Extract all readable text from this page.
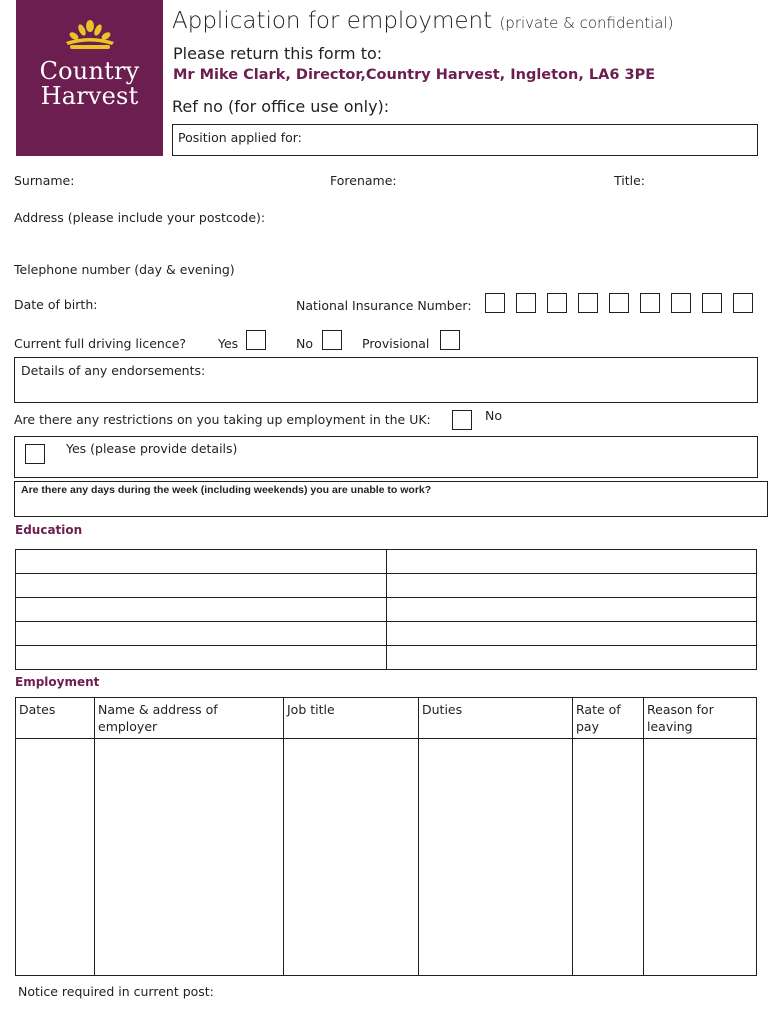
Country
Harvest
Application for employment (private & confidential)
Please return this form to:
Mr Mike Clark, Director,Country Harvest, Ingleton, LA6 3PE
Ref no (for office use only):
Position applied for:
Surname:	Forename:	Title:
Address (please include your postcode):
Telephone number (day & evening)
Date of birth:	National Insurance Number:
Current full driving licence?	Yes	No	Provisional
Details of any endorsements:
Are there any restrictions on you taking up employment in the UK:	No
Yes (please provide details)
Are there any days during the week (including weekends) you are unable to work?
Education

Employment
Dates	Name & address of employer	Job title	Duties	Rate of pay	Reason for leaving

Notice required in current post:
